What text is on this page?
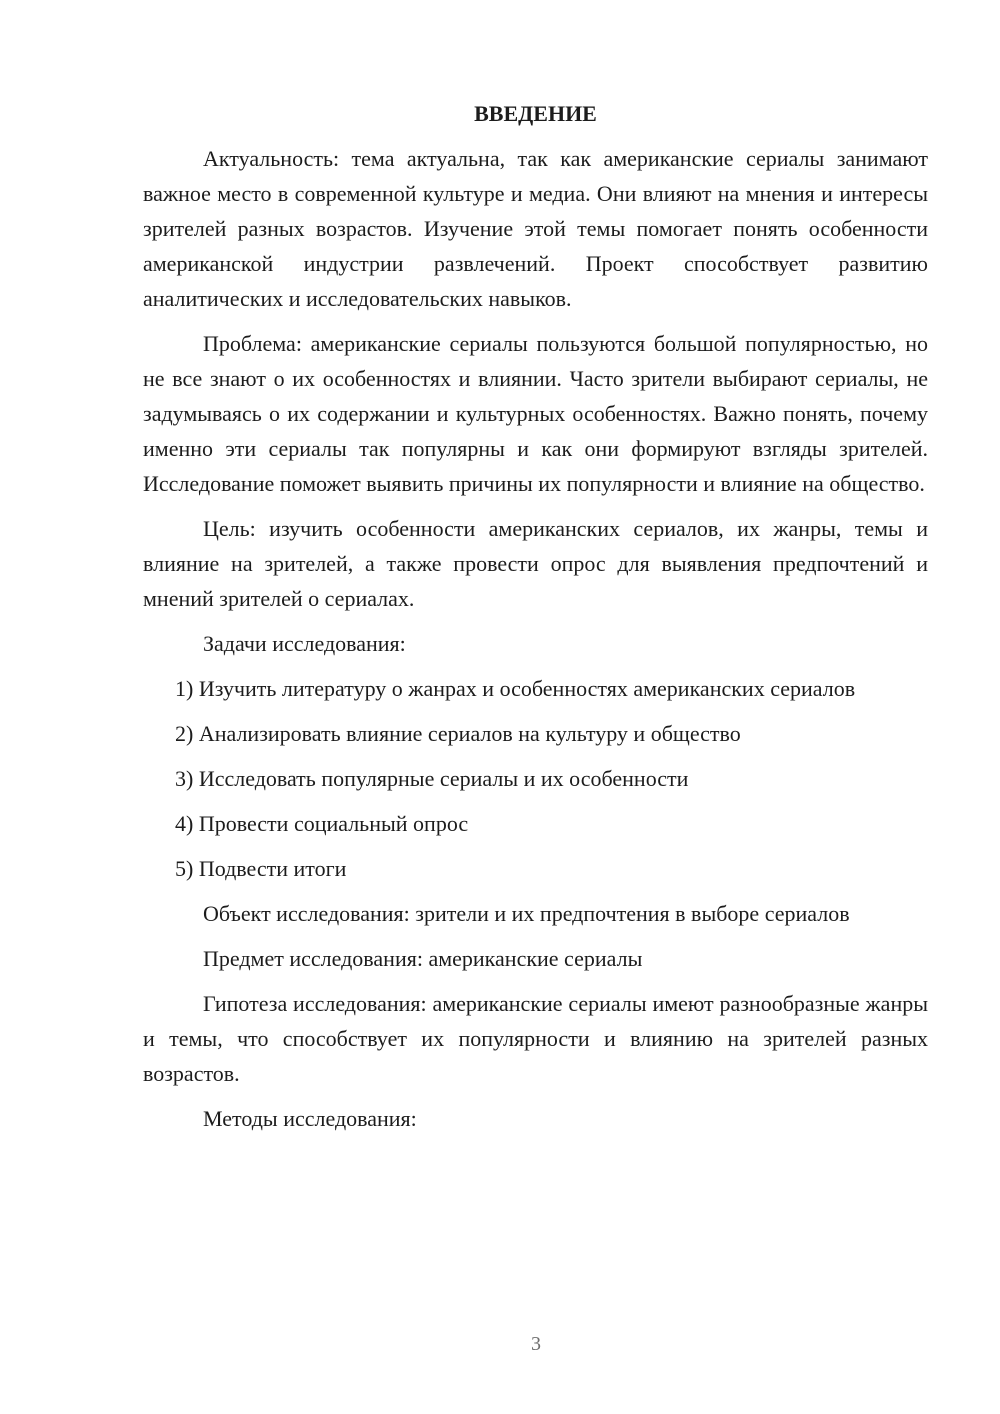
ВВЕДЕНИЕ

Актуальность: тема актуальна, так как американские сериалы занимают важное место в современной культуре и медиа. Они влияют на мнения и интересы зрителей разных возрастов. Изучение этой темы помогает понять особенности американской индустрии развлечений. Проект способствует развитию аналитических и исследовательских навыков.

Проблема: американские сериалы пользуются большой популярностью, но не все знают о их особенностях и влиянии. Часто зрители выбирают сериалы, не задумываясь о их содержании и культурных особенностях. Важно понять, почему именно эти сериалы так популярны и как они формируют взгляды зрителей. Исследование поможет выявить причины их популярности и влияние на общество.

Цель: изучить особенности американских сериалов, их жанры, темы и влияние на зрителей, а также провести опрос для выявления предпочтений и мнений зрителей о сериалах.

Задачи исследования:

1) Изучить литературу о жанрах и особенностях американских сериалов

2) Анализировать влияние сериалов на культуру и общество

3) Исследовать популярные сериалы и их особенности

4) Провести социальный опрос

5) Подвести итоги

Объект исследования: зрители и их предпочтения в выборе сериалов

Предмет исследования: американские сериалы

Гипотеза исследования: американские сериалы имеют разнообразные жанры и темы, что способствует их популярности и влиянию на зрителей разных возрастов.

Методы исследования:

3
